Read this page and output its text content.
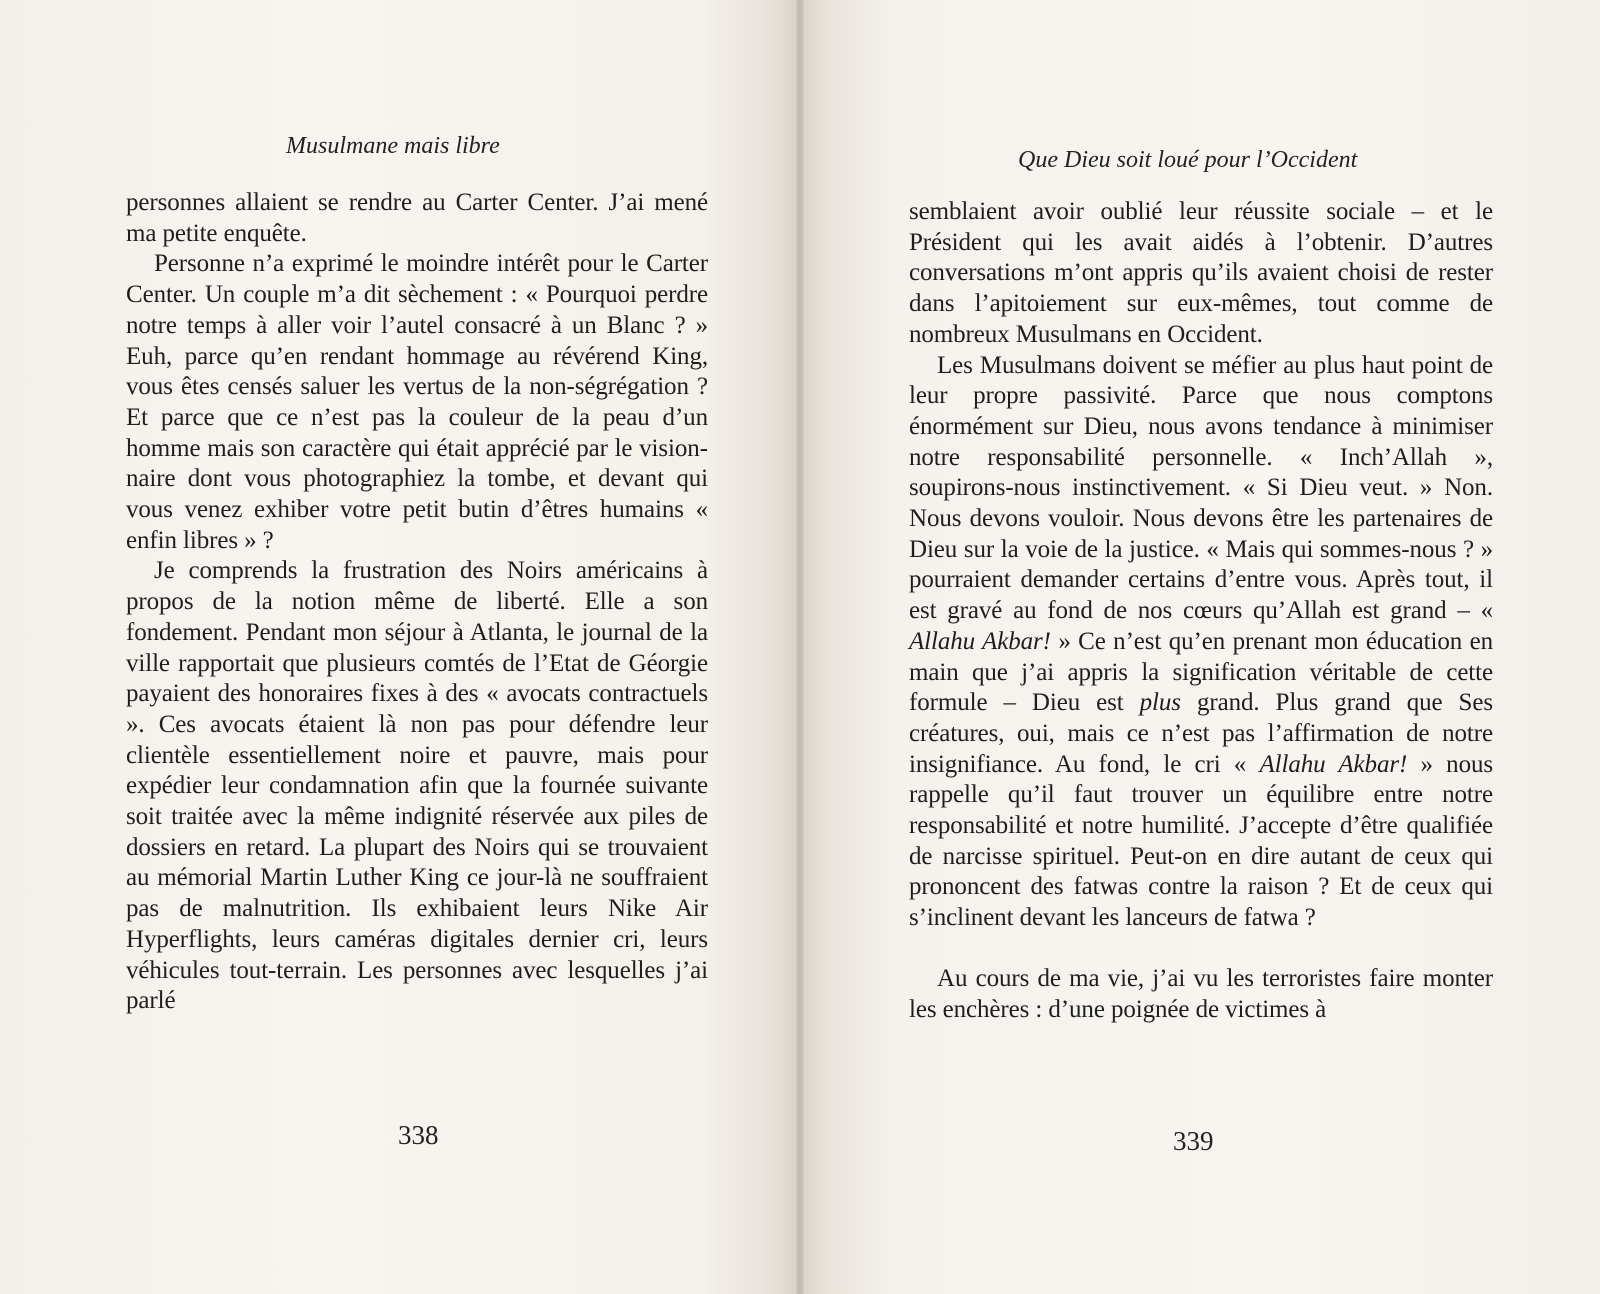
Musulmane mais libre

personnes allaient se rendre au Carter Center. J’ai mené ma petite enquête.

Personne n’a exprimé le moindre intérêt pour le Carter Center. Un couple m’a dit sèchement : « Pourquoi perdre notre temps à aller voir l’autel consacré à un Blanc ? » Euh, parce qu’en rendant hommage au révérend King, vous êtes censés saluer les vertus de la non-ségrégation ? Et parce que ce n’est pas la couleur de la peau d’un homme mais son caractère qui était apprécié par le visionnaire dont vous photographiez la tombe, et devant qui vous venez exhiber votre petit butin d’êtres humains « enfin libres » ?

Je comprends la frustration des Noirs américains à propos de la notion même de liberté. Elle a son fondement. Pendant mon séjour à Atlanta, le journal de la ville rapportait que plusieurs comtés de l’Etat de Géorgie payaient des honoraires fixes à des « avocats contractuels ». Ces avocats étaient là non pas pour défendre leur clientèle essentiellement noire et pauvre, mais pour expédier leur condamnation afin que la fournée suivante soit traitée avec la même indignité réservée aux piles de dossiers en retard. La plupart des Noirs qui se trouvaient au mémorial Martin Luther King ce jour-là ne souffraient pas de malnutrition. Ils exhibaient leurs Nike Air Hyperflights, leurs caméras digitales dernier cri, leurs véhicules tout-terrain. Les personnes avec lesquelles j’ai parlé

338
Que Dieu soit loué pour l’Occident

semblaient avoir oublié leur réussite sociale – et le Président qui les avait aidés à l’obtenir. D’autres conversations m’ont appris qu’ils avaient choisi de rester dans l’apitoiement sur eux-mêmes, tout comme de nombreux Musulmans en Occident.

Les Musulmans doivent se méfier au plus haut point de leur propre passivité. Parce que nous comptons énormément sur Dieu, nous avons tendance à minimiser notre responsabilité personnelle. « Inch’Allah », soupirons-nous instinctivement. « Si Dieu veut. » Non. Nous devons vouloir. Nous devons être les partenaires de Dieu sur la voie de la justice. « Mais qui sommes-nous ? » pourraient demander certains d’entre vous. Après tout, il est gravé au fond de nos cœurs qu’Allah est grand – « Allahu Akbar! » Ce n’est qu’en prenant mon éducation en main que j’ai appris la signification véritable de cette formule – Dieu est plus grand. Plus grand que Ses créatures, oui, mais ce n’est pas l’affirmation de notre insignifiance. Au fond, le cri « Allahu Akbar! » nous rappelle qu’il faut trouver un équilibre entre notre responsabilité et notre humilité. J’accepte d’être qualifiée de narcisse spirituel. Peut-on en dire autant de ceux qui prononcent des fatwas contre la raison ? Et de ceux qui s’inclinent devant les lanceurs de fatwa ?

Au cours de ma vie, j’ai vu les terroristes faire monter les enchères : d’une poignée de victimes à

339
